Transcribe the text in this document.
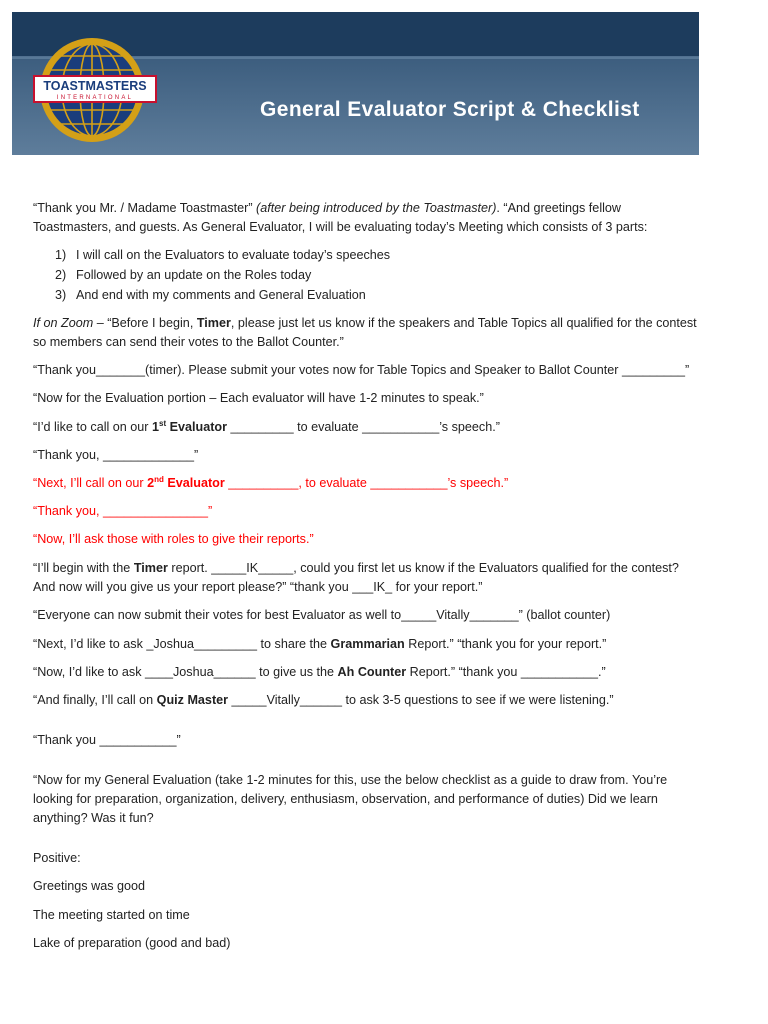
TOASTMASTERS
INTERNATIONAL	General Evaluator Script & Checklist

“Thank you Mr. / Madame Toastmaster” (after being introduced by the Toastmaster). “And greetings fellow

Toastmasters, and guests. As General Evaluator, I will be evaluating today’s Meeting which consists of 3 parts:

1) I will call on the Evaluators to evaluate today’s speeches

2) Followed by an update on the Roles today

3) And end with my comments and General Evaluation

If on Zoom – “Before I begin, Timer, please just let us know if the speakers and Table Topics all qualified for the contest

so members can send their votes to the Ballot Counter.”

“Thank you_______(timer). Please submit your votes now for Table Topics and Speaker to Ballot Counter _________”

“Now for the Evaluation portion – Each evaluator will have 1-2 minutes to speak.”

“I’d like to call on our 1st Evaluator _________ to evaluate ___________’s speech.”

“Thank you, _____________”

“Next, I’ll call on our 2nd Evaluator __________, to evaluate ___________’s speech.”

“Thank you, _______________”

“Now, I’ll ask those with roles to give their reports.”

“I’ll begin with the Timer report. _____IK_____, could you first let us know if the Evaluators qualified for the contest?

And now will you give us your report please?” “thank you ___IK_ for your report.”

“Everyone can now submit their votes for best Evaluator as well to_____Vitally_______” (ballot counter)

“Next, I’d like to ask _Joshua_________ to share the Grammarian Report.” “thank you for your report.”

“Now, I’d like to ask ____Joshua______ to give us the Ah Counter Report.” “thank you ___________.”

“And finally, I’ll call on Quiz Master _____Vitally______ to ask 3-5 questions to see if we were listening.”

“Thank you ___________”

“Now for my General Evaluation (take 1-2 minutes for this, use the below checklist as a guide to draw from. You’re

looking for preparation, organization, delivery, enthusiasm, observation, and performance of duties) Did we learn

anything? Was it fun?

Positive:

Greetings was good

The meeting started on time

Lake of preparation (good and bad)
